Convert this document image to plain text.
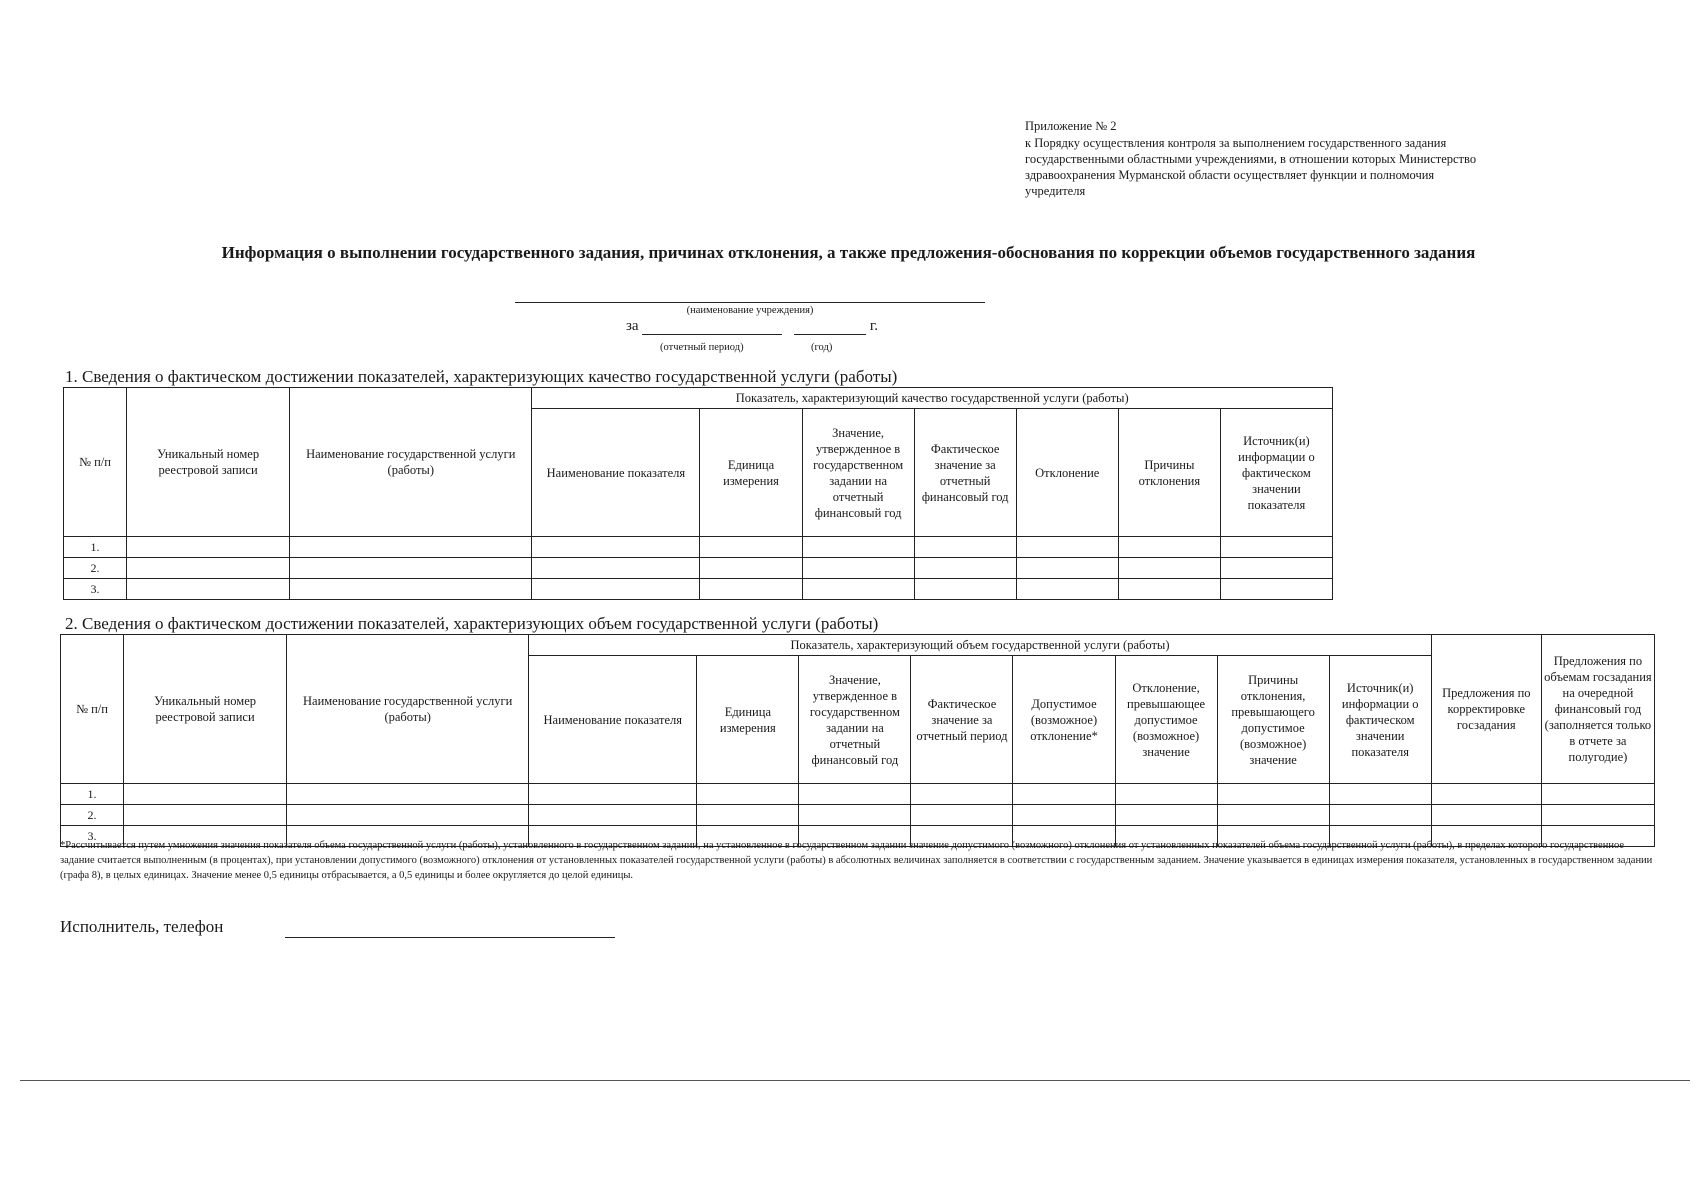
Приложение № 2
к Порядку осуществления контроля за выполнением государственного задания
государственными областными учреждениями, в отношении которых Министерство
здравоохранения Мурманской области осуществляет функции и полномочия
учредителя
Информация о выполнении государственного задания, причинах отклонения, а также предложения-обоснования по коррекции объемов государственного задания
(наименование учреждения)
за	г.
(отчетный период)	(год)
1. Сведения о фактическом достижении показателей, характеризующих качество государственной услуги (работы)
№ п/п	Уникальный номер реестровой записи	Наименование государственной услуги (работы)	Показатель, характеризующий качество государственной услуги (работы)						
			Наименование показателя	Единица измерения	Значение, утвержденное в государственном задании на отчетный финансовый год	Фактическое значение за отчетный финансовый год	Отклонение	Причины отклонения	Источник(и) информации о фактическом значении показателя
1.									
2.									
3.									
2. Сведения о фактическом достижении показателей, характеризующих объем государственной услуги (работы)
№ п/п	Уникальный номер реестровой записи	Наименование государственной услуги (работы)	Показатель, характеризующий объем государственной услуги (работы)								Предложения по корректировке госзадания	Предложения по объемам госзадания на очередной финансовый год (заполняется только в отчете за полугодие)
			Наименование показателя	Единица измерения	Значение, утвержденное в государственном задании на отчетный финансовый год	Фактическое значение за отчетный период	Допустимое (возможное) отклонение*	Отклонение, превышающее допустимое (возможное) значение	Причины отклонения, превышающего допустимое (возможное) значение	Источник(и) информации о фактическом значении показателя		
1.												
2.												
3.												
*Рассчитывается путем умножения значения показателя объема государственной услуги (работы), установленного в государственном задании, на установленное в государственном задании значение допустимого (возможного) отклонения от установленных показателей объема государственной услуги (работы), в пределах которого государственное задание считается выполненным (в процентах), при установлении допустимого (возможного) отклонения от установленных показателей государственной услуги (работы) в абсолютных величинах заполняется в соответствии с государственным заданием. Значение указывается в единицах измерения показателя, установленных в государственном задании (графа 8), в целых единицах. Значение менее 0,5 единицы отбрасывается, а 0,5 единицы и более округляется до целой единицы.
Исполнитель, телефон
